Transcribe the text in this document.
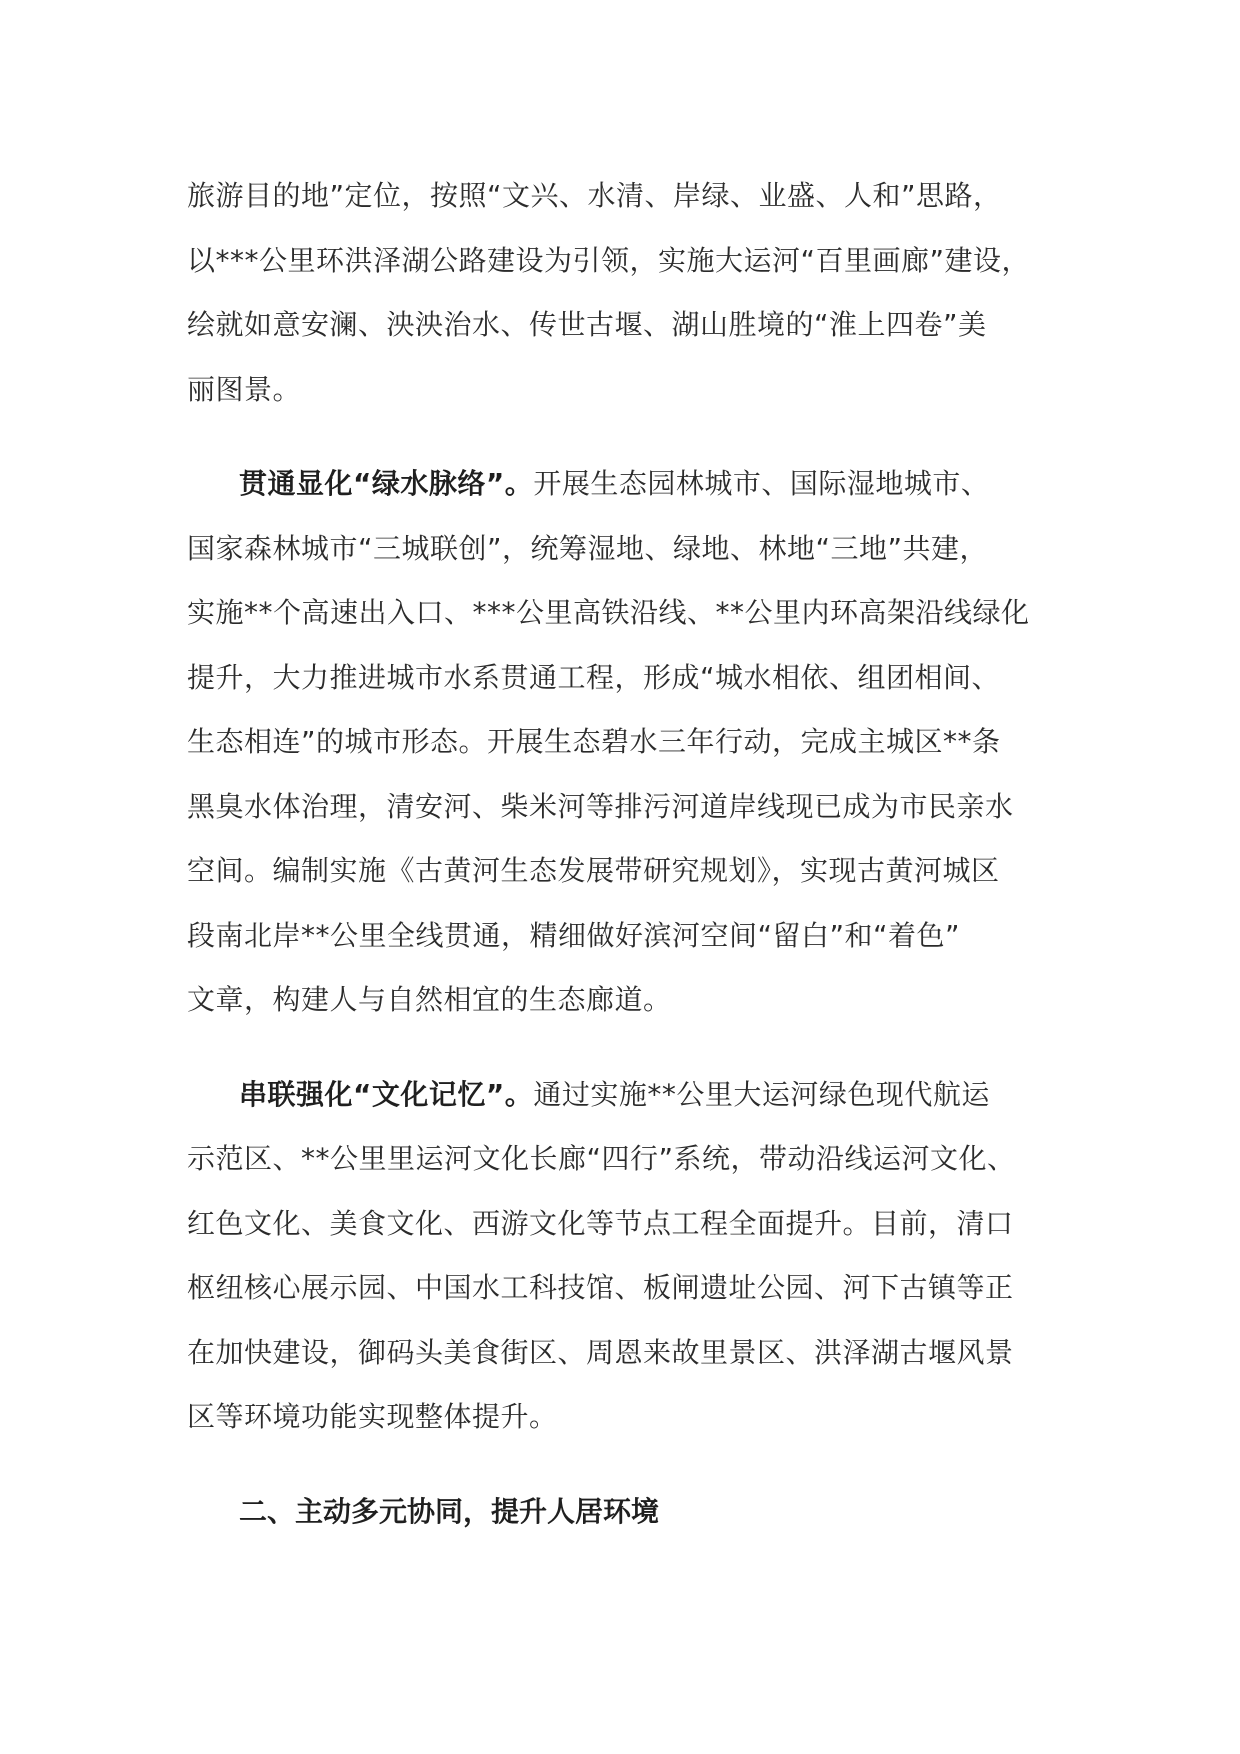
旅游目的地”定位，按照“文兴、水清、岸绿、业盛、人和”思路，
以***公里环洪泽湖公路建设为引领，实施大运河“百里画廊”建设，
绘就如意安澜、泱泱治水、传世古堰、湖山胜境的“淮上四卷”美
丽图景。
贯通显化“绿水脉络”。开展生态园林城市、国际湿地城市、
国家森林城市“三城联创”，统筹湿地、绿地、林地“三地”共建，
实施**个高速出入口、***公里高铁沿线、**公里内环高架沿线绿化
提升，大力推进城市水系贯通工程，形成“城水相依、组团相间、
生态相连”的城市形态。开展生态碧水三年行动，完成主城区**条
黑臭水体治理，清安河、柴米河等排污河道岸线现已成为市民亲水
空间。编制实施《古黄河生态发展带研究规划》，实现古黄河城区
段南北岸**公里全线贯通，精细做好滨河空间“留白”和“着色”
文章，构建人与自然相宜的生态廊道。
串联强化“文化记忆”。通过实施**公里大运河绿色现代航运
示范区、**公里里运河文化长廊“四行”系统，带动沿线运河文化、
红色文化、美食文化、西游文化等节点工程全面提升。目前，清口
枢纽核心展示园、中国水工科技馆、板闸遗址公园、河下古镇等正
在加快建设，御码头美食街区、周恩来故里景区、洪泽湖古堰风景
区等环境功能实现整体提升。
二、主动多元协同，提升人居环境
